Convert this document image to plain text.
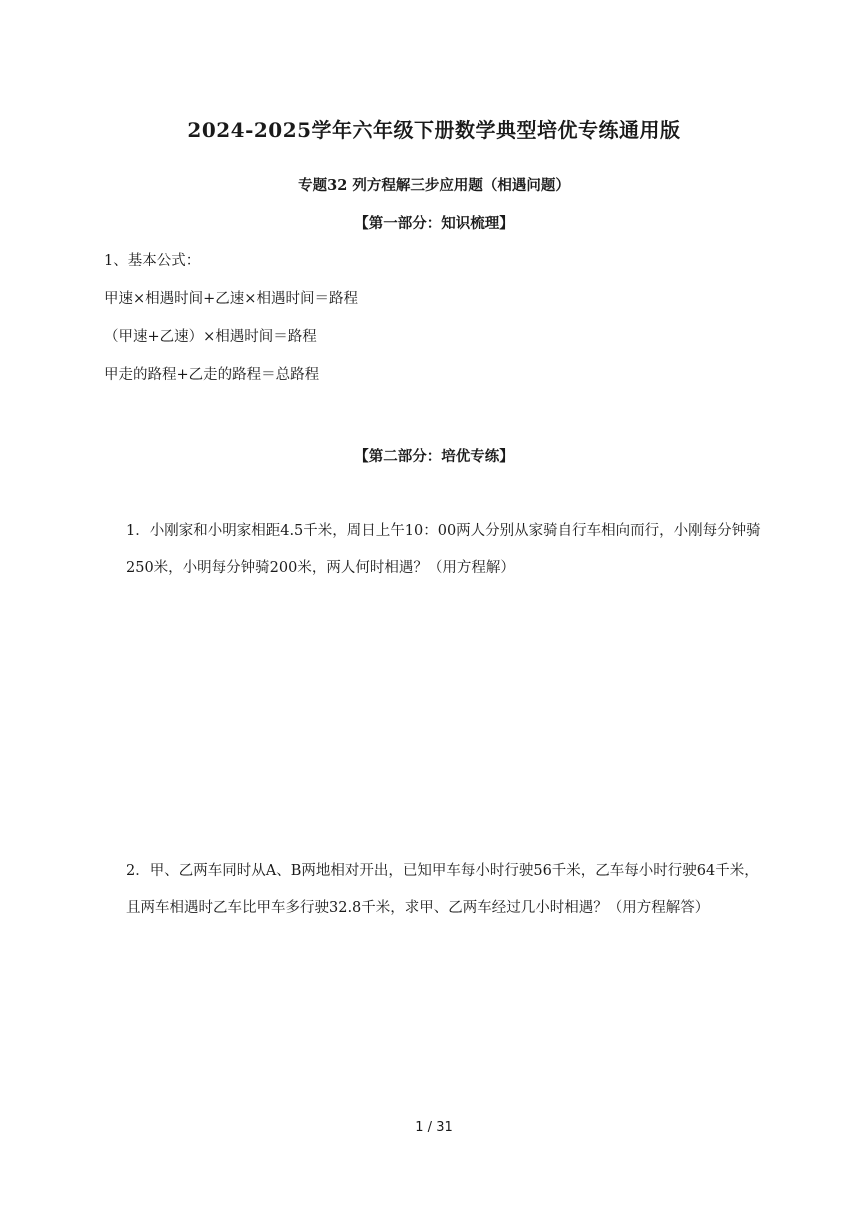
2024-2025学年六年级下册数学典型培优专练通用版
专题32 列方程解三步应用题（相遇问题）
【第一部分：知识梳理】
1、基本公式：
甲速×相遇时间+乙速×相遇时间＝路程
（甲速+乙速）×相遇时间＝路程
甲走的路程+乙走的路程＝总路程
【第二部分：培优专练】
1．小刚家和小明家相距4.5千米，周日上午10：00两人分别从家骑自行车相向而行，小刚每分钟骑250米，小明每分钟骑200米，两人何时相遇？（用方程解）
2．甲、乙两车同时从A、B两地相对开出，已知甲车每小时行驶56千米，乙车每小时行驶64千米，且两车相遇时乙车比甲车多行驶32.8千米，求甲、乙两车经过几小时相遇？（用方程解答）
1 / 31
